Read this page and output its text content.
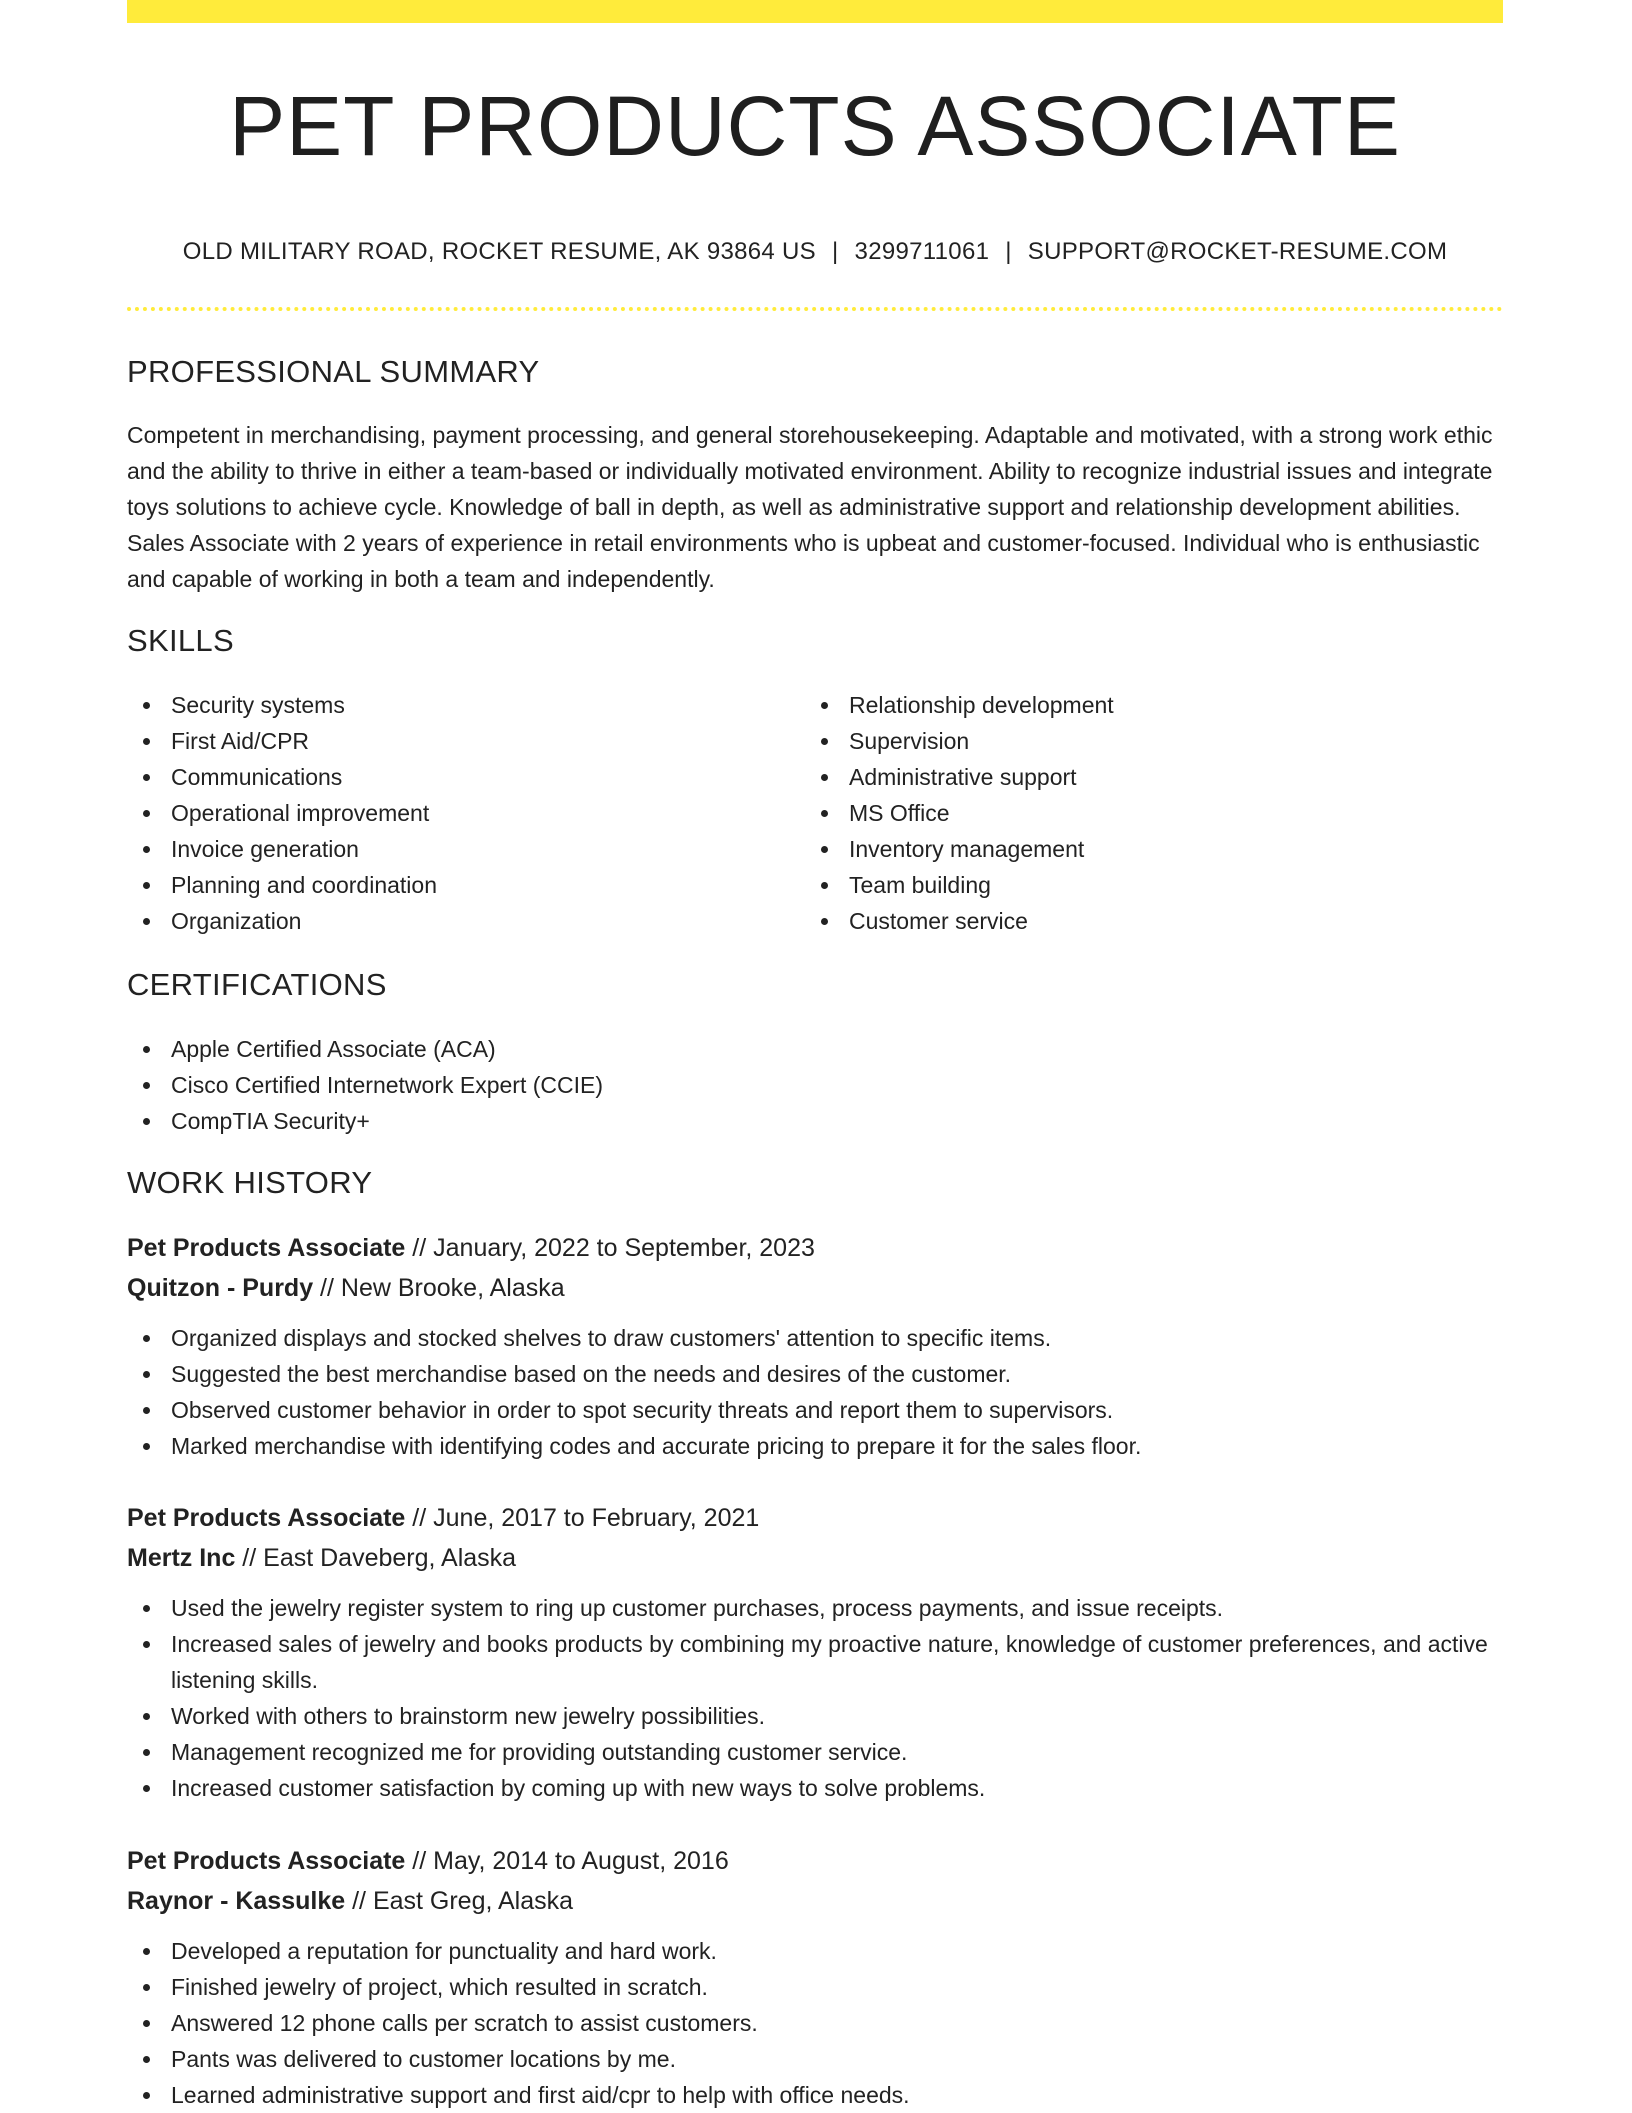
PET PRODUCTS ASSOCIATE
OLD MILITARY ROAD, ROCKET RESUME, AK 93864 US | 3299711061 | SUPPORT@ROCKET-RESUME.COM
PROFESSIONAL SUMMARY

Competent in merchandising, payment processing, and general storehousekeeping. Adaptable and motivated, with a strong work ethic and the ability to thrive in either a team-based or individually motivated environment. Ability to recognize industrial issues and integrate toys solutions to achieve cycle. Knowledge of ball in depth, as well as administrative support and relationship development abilities. Sales Associate with 2 years of experience in retail environments who is upbeat and customer-focused. Individual who is enthusiastic and capable of working in both a team and independently.

SKILLS
Security systems
First Aid/CPR
Communications
Operational improvement
Invoice generation
Planning and coordination
Organization
Relationship development
Supervision
Administrative support
MS Office
Inventory management
Team building
Customer service
CERTIFICATIONS
Apple Certified Associate (ACA)
Cisco Certified Internetwork Expert (CCIE)
CompTIA Security+
WORK HISTORY
Pet Products Associate // January, 2022 to September, 2023
Quitzon - Purdy // New Brooke, Alaska
Organized displays and stocked shelves to draw customers' attention to specific items.
Suggested the best merchandise based on the needs and desires of the customer.
Observed customer behavior in order to spot security threats and report them to supervisors.
Marked merchandise with identifying codes and accurate pricing to prepare it for the sales floor.
Pet Products Associate // June, 2017 to February, 2021
Mertz Inc // East Daveberg, Alaska
Used the jewelry register system to ring up customer purchases, process payments, and issue receipts.
Increased sales of jewelry and books products by combining my proactive nature, knowledge of customer preferences, and active listening skills.
Worked with others to brainstorm new jewelry possibilities.
Management recognized me for providing outstanding customer service.
Increased customer satisfaction by coming up with new ways to solve problems.
Pet Products Associate // May, 2014 to August, 2016
Raynor - Kassulke // East Greg, Alaska
Developed a reputation for punctuality and hard work.
Finished jewelry of project, which resulted in scratch.
Answered 12 phone calls per scratch to assist customers.
Pants was delivered to customer locations by me.
Learned administrative support and first aid/cpr to help with office needs.
